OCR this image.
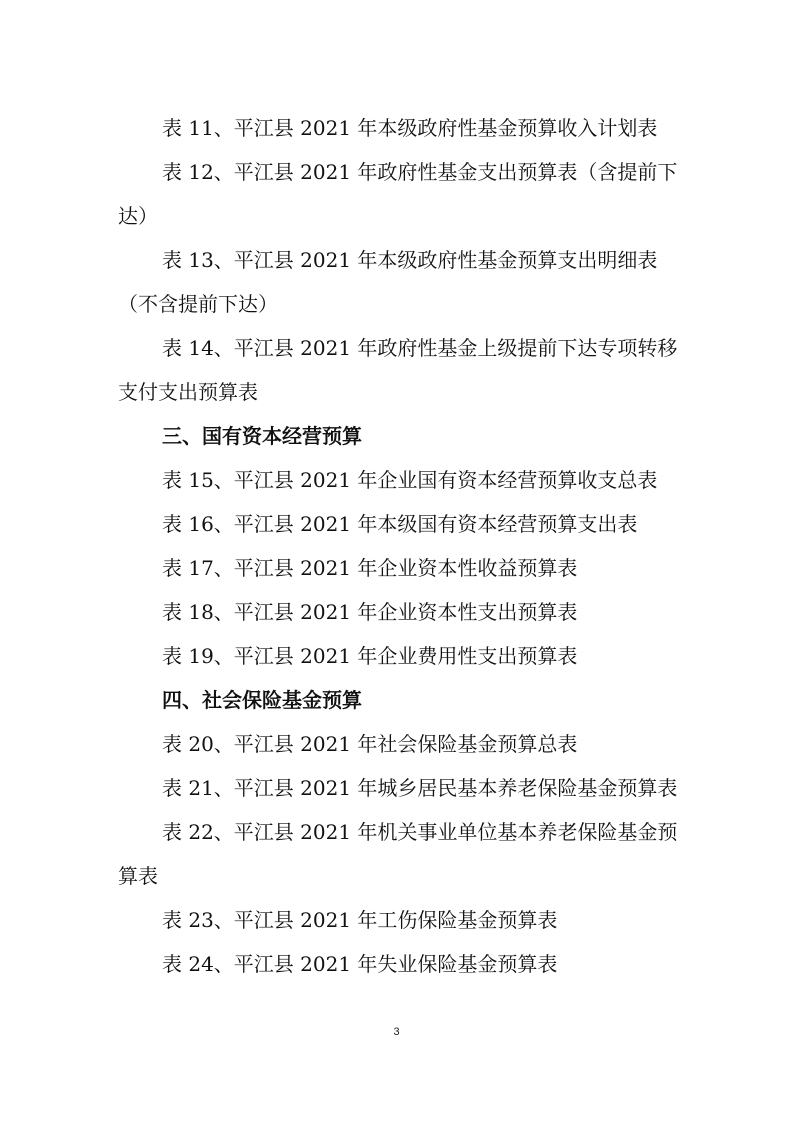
表 11、平江县 2021 年本级政府性基金预算收入计划表

表 12、平江县 2021 年政府性基金支出预算表（含提前下达）

表 13、平江县 2021 年本级政府性基金预算支出明细表（不含提前下达）

表 14、平江县 2021 年政府性基金上级提前下达专项转移支付支出预算表

三、国有资本经营预算

表 15、平江县 2021 年企业国有资本经营预算收支总表

表 16、平江县 2021 年本级国有资本经营预算支出表

表 17、平江县 2021 年企业资本性收益预算表

表 18、平江县 2021 年企业资本性支出预算表

表 19、平江县 2021 年企业费用性支出预算表

四、社会保险基金预算

表 20、平江县 2021 年社会保险基金预算总表

表 21、平江县 2021 年城乡居民基本养老保险基金预算表

表 22、平江县 2021 年机关事业单位基本养老保险基金预算表

表 23、平江县 2021 年工伤保险基金预算表

表 24、平江县 2021 年失业保险基金预算表

3
